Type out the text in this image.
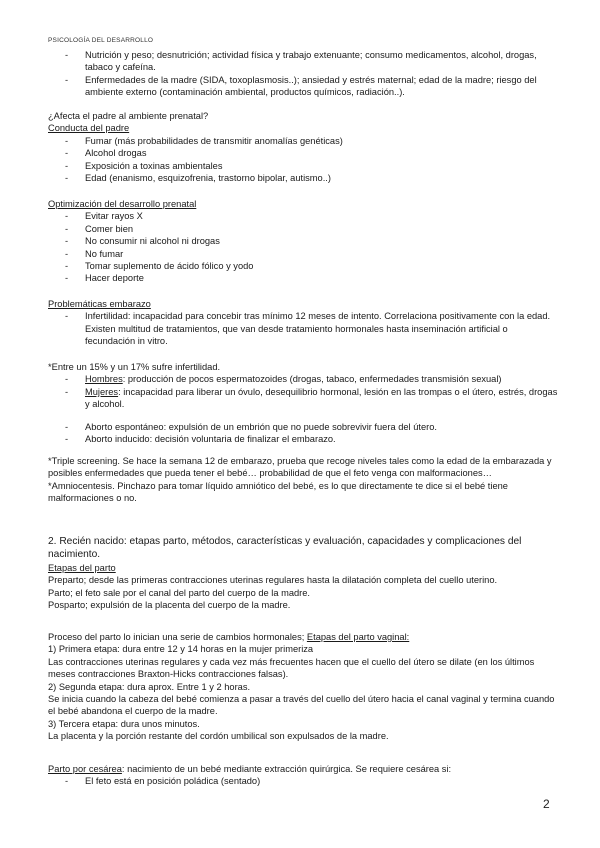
PSICOLOGÍA DEL DESARROLLO
- Nutrición y peso; desnutrición; actividad física y trabajo extenuante; consumo medicamentos, alcohol, drogas, tabaco y cafeína.
- Enfermedades de la madre (SIDA, toxoplasmosis..); ansiedad y estrés maternal; edad de la madre; riesgo del ambiente externo (contaminación ambiental, productos químicos, radiación..).

¿Afecta el padre al ambiente prenatal?

Conducta del padre

- Fumar (más probabilidades de transmitir anomalías genéticas)
- Alcohol drogas
- Exposición a toxinas ambientales
- Edad (enanismo, esquizofrenia, trastorno bipolar, autismo..)

Optimización del desarrollo prenatal

- Evitar rayos X
- Comer bien
- No consumir ni alcohol ni drogas
- No fumar
- Tomar suplemento de ácido fólico y yodo
- Hacer deporte

Problemáticas embarazo

- Infertilidad: incapacidad para concebir tras mínimo 12 meses de intento. Correlaciona positivamente con la edad. Existen multitud de tratamientos, que van desde tratamiento hormonales hasta inseminación artificial o fecundación in vitro.

*Entre un 15% y un 17% sufre infertilidad.

- Hombres: producción de pocos espermatozoides (drogas, tabaco, enfermedades transmisión sexual)
- Mujeres: incapacidad para liberar un óvulo, desequilibrio hormonal, lesión en las trompas o el útero, estrés, drogas y alcohol.
- Aborto espontáneo: expulsión de un embrión que no puede sobrevivir fuera del útero.
- Aborto inducido: decisión voluntaria de finalizar el embarazo.

*Triple screening. Se hace la semana 12 de embarazo, prueba que recoge niveles tales como la edad de la embarazada y posibles enfermedades que pueda tener el bebé… probabilidad de que el feto venga con malformaciones…

*Amniocentesis. Pinchazo para tomar líquido amniótico del bebé, es lo que directamente te dice si el bebé tiene malformaciones o no.

2. Recién nacido: etapas parto, métodos, características y evaluación, capacidades y complicaciones del nacimiento.

Etapas del parto

Preparto; desde las primeras contracciones uterinas regulares hasta la dilatación completa del cuello uterino.

Parto; el feto sale por el canal del parto del cuerpo de la madre.

Posparto; expulsión de la placenta del cuerpo de la madre.

Proceso del parto lo inician una serie de cambios hormonales; Etapas del parto vaginal:

1) Primera etapa: dura entre 12 y 14 horas en la mujer primeriza

Las contracciones uterinas regulares y cada vez más frecuentes hacen que el cuello del útero se dilate (en los últimos meses contracciones Braxton-Hicks contracciones falsas).

2) Segunda etapa: dura aprox. Entre 1 y 2 horas.

Se inicia cuando la cabeza del bebé comienza a pasar a través del cuello del útero hacia el canal vaginal y termina cuando el bebé abandona el cuerpo de la madre.

3) Tercera etapa: dura unos minutos.

La placenta y la porción restante del cordón umbilical son expulsados de la madre.

Parto por cesárea: nacimiento de un bebé mediante extracción quirúrgica. Se requiere cesárea si:

- El feto está en posición poládica (sentado)
2
